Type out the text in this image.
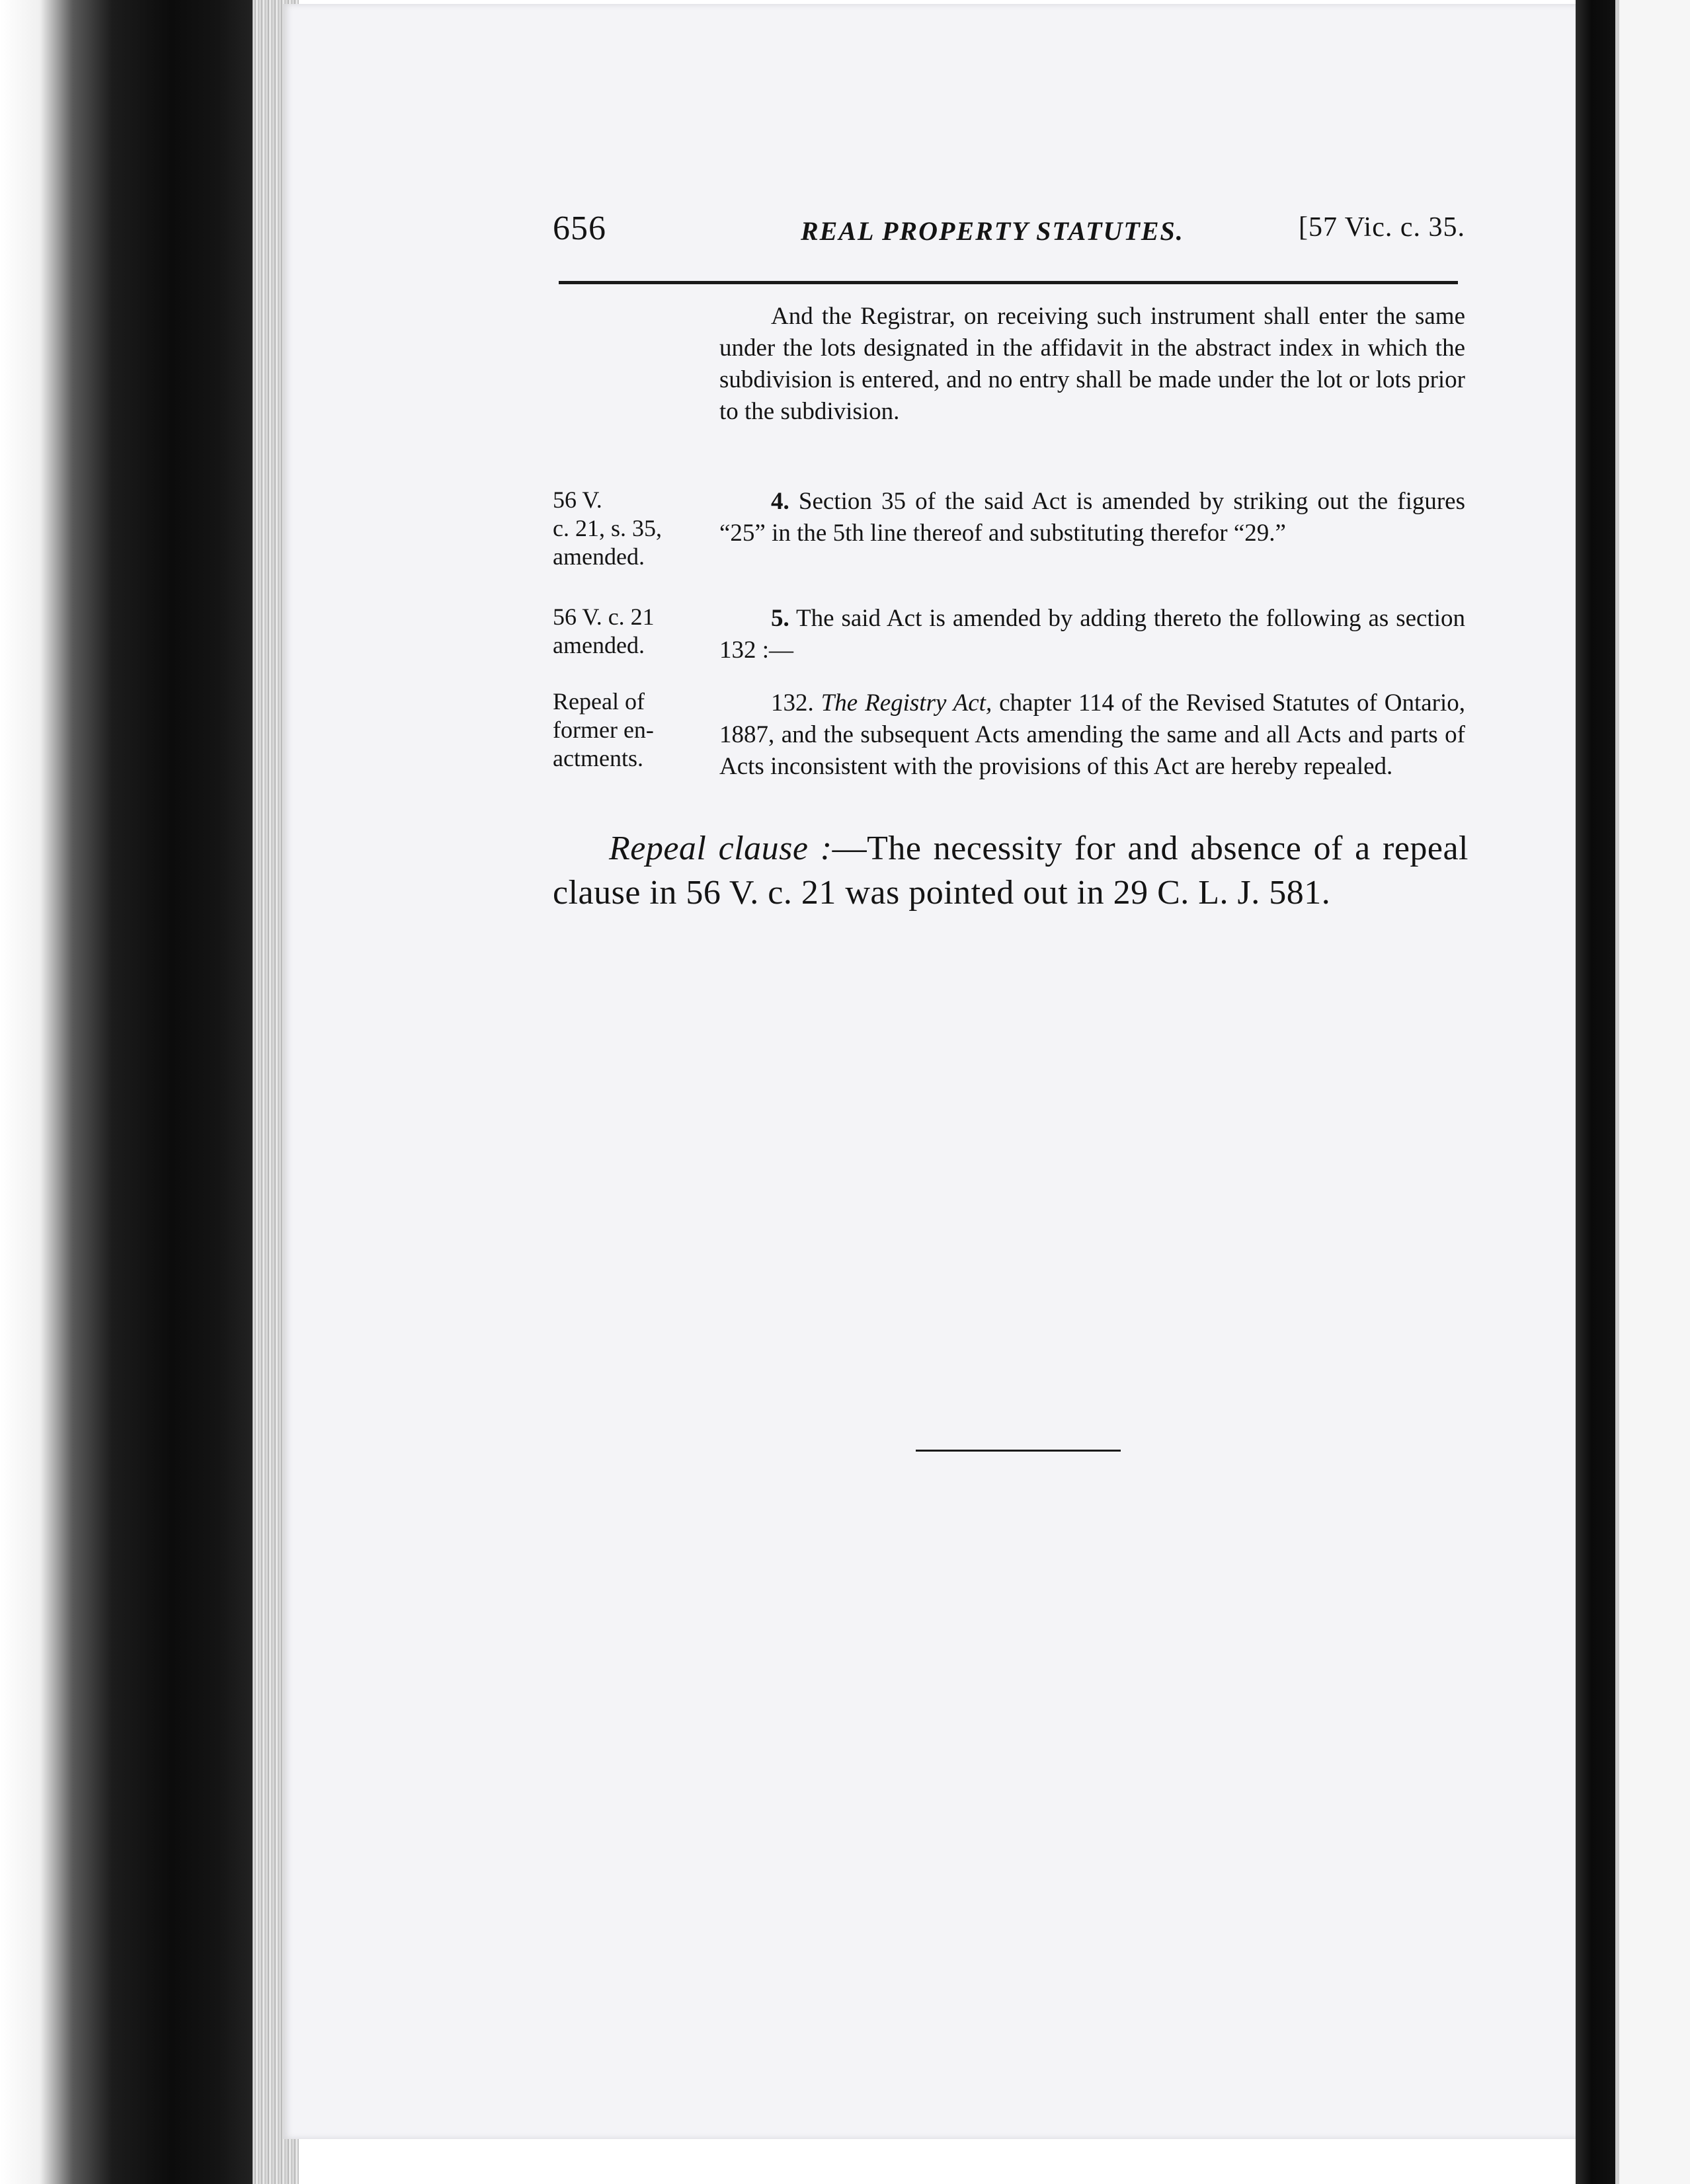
656	REAL PROPERTY STATUTES.	[57 Vic. c. 35.

And the Registrar, on receiving such instrument shall enter the same under the lots designated in the affidavit in the abstract index in which the subdivision is entered, and no entry shall be made under the lot or lots prior to the subdivision.

56 V.
c. 21, s. 35,
amended.

4. Section 35 of the said Act is amended by striking out the figures “25” in the 5th line thereof and substituting therefor “29.”

56 V. c. 21
amended.

5. The said Act is amended by adding thereto the following as section 132 :—

Repeal of
former en-
actments.

132. The Registry Act, chapter 114 of the Revised Statutes of Ontario, 1887, and the subsequent Acts amending the same and all Acts and parts of Acts inconsistent with the provisions of this Act are hereby repealed.

Repeal clause :—The necessity for and absence of a repeal clause in 56 V. c. 21 was pointed out in 29 C. L. J. 581.
